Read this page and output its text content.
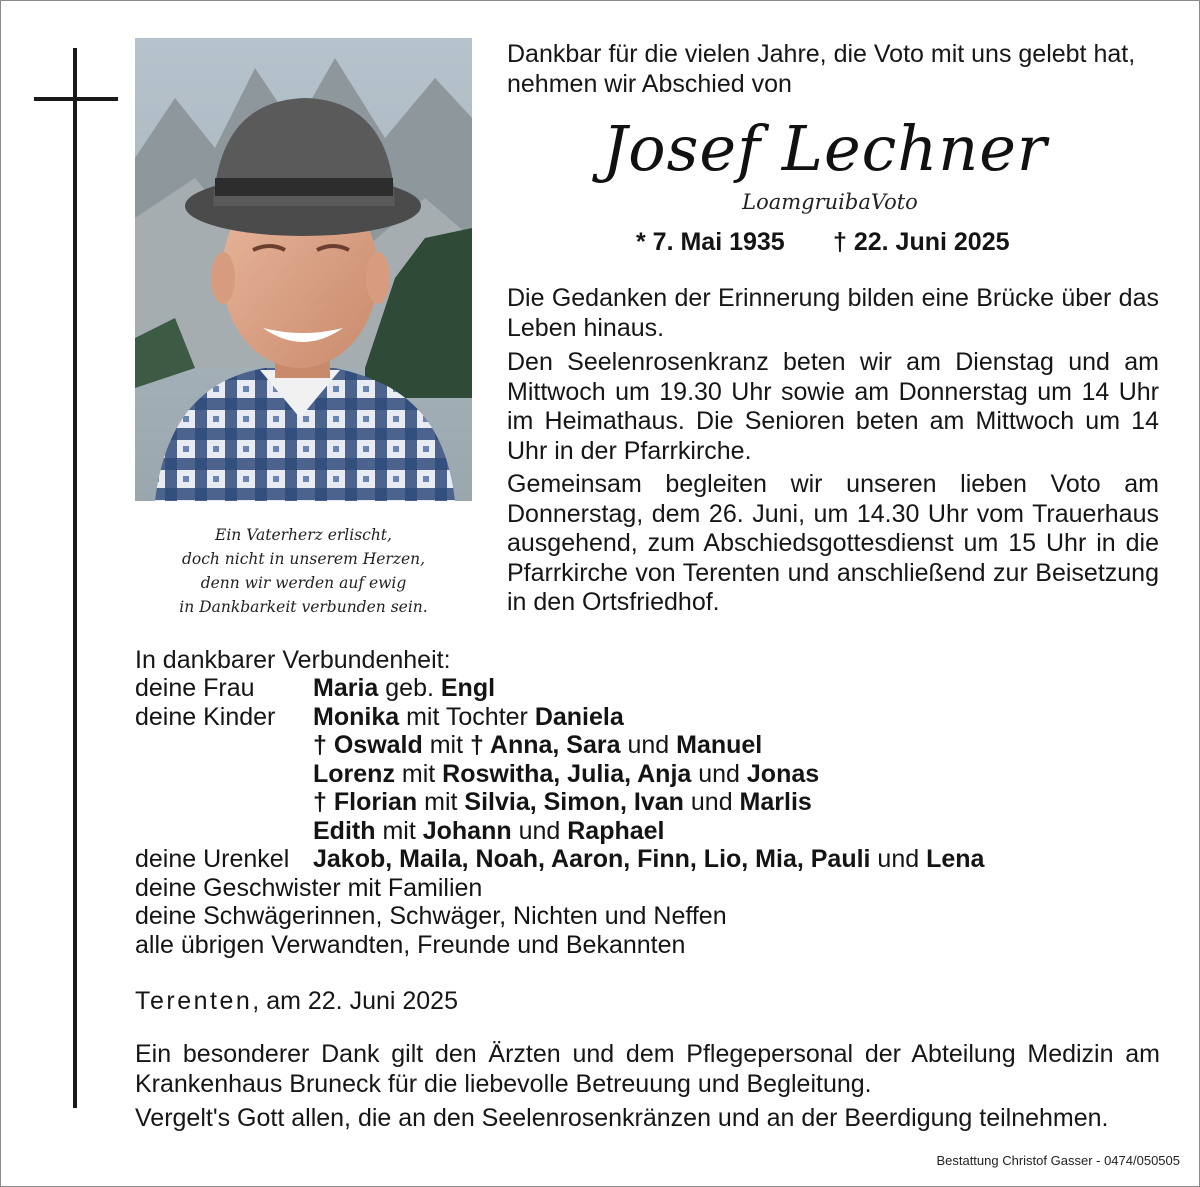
Ein Vaterherz erlischt,
doch nicht in unserem Herzen,
denn wir werden auf ewig
in Dankbarkeit verbunden sein.
Dankbar für die vielen Jahre, die Voto mit uns gelebt hat, nehmen wir Abschied von
Josef Lechner
LoamgruibaVoto
* 7. Mai 1935 † 22. Juni 2025
Die Gedanken der Erinnerung bilden eine Brücke über das Leben hinaus.
Den Seelenrosenkranz beten wir am Dienstag und am Mittwoch um 19.30 Uhr sowie am Donnerstag um 14 Uhr im Heimathaus. Die Senioren beten am Mittwoch um 14 Uhr in der Pfarrkirche.
Gemeinsam begleiten wir unseren lieben Voto am Donnerstag, dem 26. Juni, um 14.30 Uhr vom Trauerhaus ausgehend, zum Abschiedsgottesdienst um 15 Uhr in die Pfarrkirche von Terenten und anschließend zur Beisetzung in den Ortsfriedhof.
In dankbarer Verbundenheit:
deine Frau	Maria geb. Engl
deine Kinder	Monika mit Tochter Daniela
† Oswald mit † Anna, Sara und Manuel
Lorenz mit Roswitha, Julia, Anja und Jonas
† Florian mit Silvia, Simon, Ivan und Marlis
Edith mit Johann und Raphael
deine Urenkel Jakob, Maila, Noah, Aaron, Finn, Lio, Mia, Pauli und Lena
deine Geschwister mit Familien
deine Schwägerinnen, Schwäger, Nichten und Neffen
alle übrigen Verwandten, Freunde und Bekannten
Terenten, am 22. Juni 2025
Ein besonderer Dank gilt den Ärzten und dem Pflegepersonal der Abteilung Medizin am Krankenhaus Bruneck für die liebevolle Betreuung und Begleitung.
Vergelt's Gott allen, die an den Seelenrosenkränzen und an der Beerdigung teilnehmen.
Bestattung Christof Gasser - 0474/050505
